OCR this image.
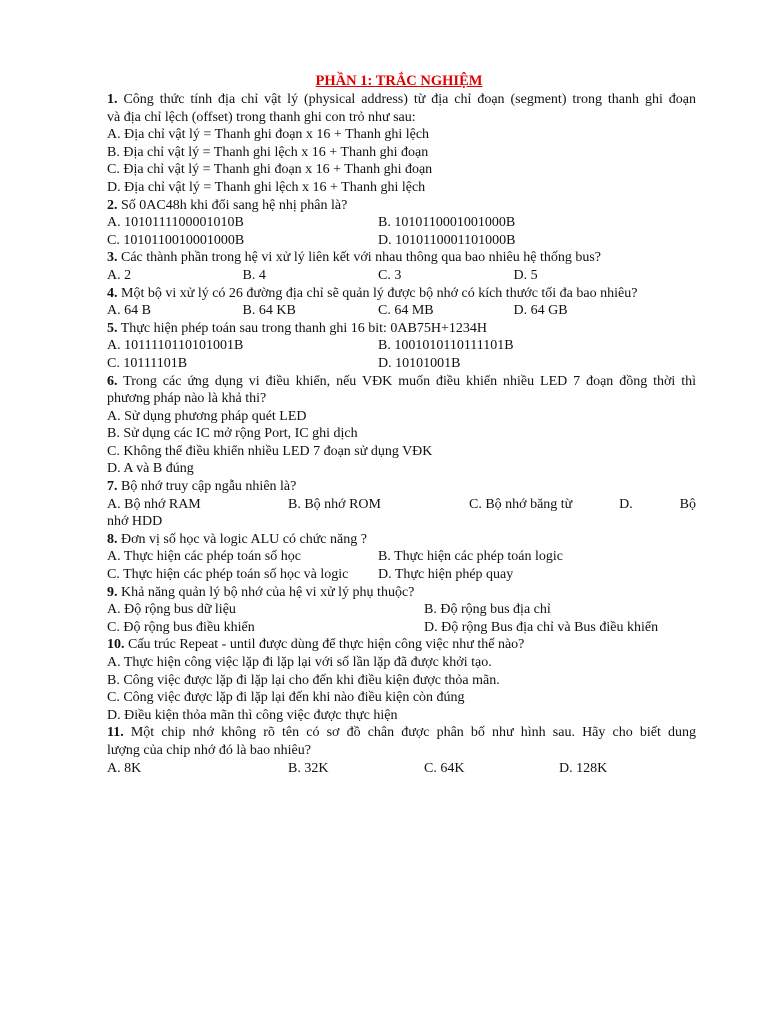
PHẦN 1: TRẮC NGHIỆM
1. Công thức tính địa chỉ vật lý (physical address) từ địa chỉ đoạn (segment) trong thanh ghi đoạn
và địa chỉ lệch (offset) trong thanh ghi con trỏ như sau:
A. Địa chỉ vật lý = Thanh ghi đoạn x 16 + Thanh ghi lệch
B. Địa chỉ vật lý = Thanh ghi lệch x 16 + Thanh ghi đoạn
C. Địa chỉ vật lý = Thanh ghi đoạn x 16 + Thanh ghi đoạn
D. Địa chỉ vật lý = Thanh ghi lệch x 16 + Thanh ghi lệch
2. Số 0AC48h khi đổi sang hệ nhị phân là?
A. 1010111100001010B	B. 1010110001001000B
C. 1010110010001000B	D. 1010110001101000B
3. Các thành phần trong hệ vi xử lý liên kết với nhau thông qua bao nhiêu hệ thống bus?
A. 2	B. 4	C. 3	D. 5
4. Một bộ vi xử lý có 26 đường địa chỉ sẽ quản lý được bộ nhớ có kích thước tối đa bao nhiêu?
A. 64 B	B. 64 KB	C. 64 MB	D. 64 GB
5. Thực hiện phép toán sau trong thanh ghi 16 bit: 0AB75H+1234H
A. 1011110110101001B	B. 1001010110111101B
C. 10111101B	D. 10101001B
6. Trong các ứng dụng vi điều khiển, nếu VĐK muốn điều khiển nhiều LED 7 đoạn đồng thời thì
phương pháp nào là khả thi?
A. Sử dụng phương pháp quét LED
B. Sử dụng các IC mở rộng Port, IC ghi dịch
C. Không thể điều khiển nhiều LED 7 đoạn sử dụng VĐK
D. A và B đúng
7. Bộ nhớ truy cập ngẫu nhiên là?
A. Bộ nhớ RAM	B. Bộ nhớ ROM	C. Bộ nhớ băng từ	D.	Bộ
nhớ HDD
8. Đơn vị số học và logic ALU có chức năng ?
A. Thực hiện các phép toán số học	B. Thực hiện các phép toán logic
C. Thực hiện các phép toán số học và logic	D. Thực hiện phép quay
9. Khả năng quản lý bộ nhớ của hệ vi xử lý phụ thuộc?
A. Độ rộng bus dữ liệu	B. Độ rộng bus địa chỉ
C. Độ rộng bus điều khiển	D. Độ rộng Bus địa chỉ và Bus điều khiển
10. Cấu trúc Repeat - until được dùng để thực hiện công việc như thế nào?
A. Thực hiện công việc lặp đi lặp lại với số lần lặp đã được khởi tạo.
B. Công việc được lặp đi lặp lại cho đến khi điều kiện được thỏa mãn.
C. Công việc được lặp đi lặp lại đến khi nào điều kiện còn đúng
D. Điều kiện thỏa mãn thì công việc được thực hiện
11. Một chip nhớ không rõ tên có sơ đồ chân được phân bố như hình sau. Hãy cho biết dung
lượng của chip nhớ đó là bao nhiêu?
A. 8K	B. 32K	C. 64K	D. 128K
